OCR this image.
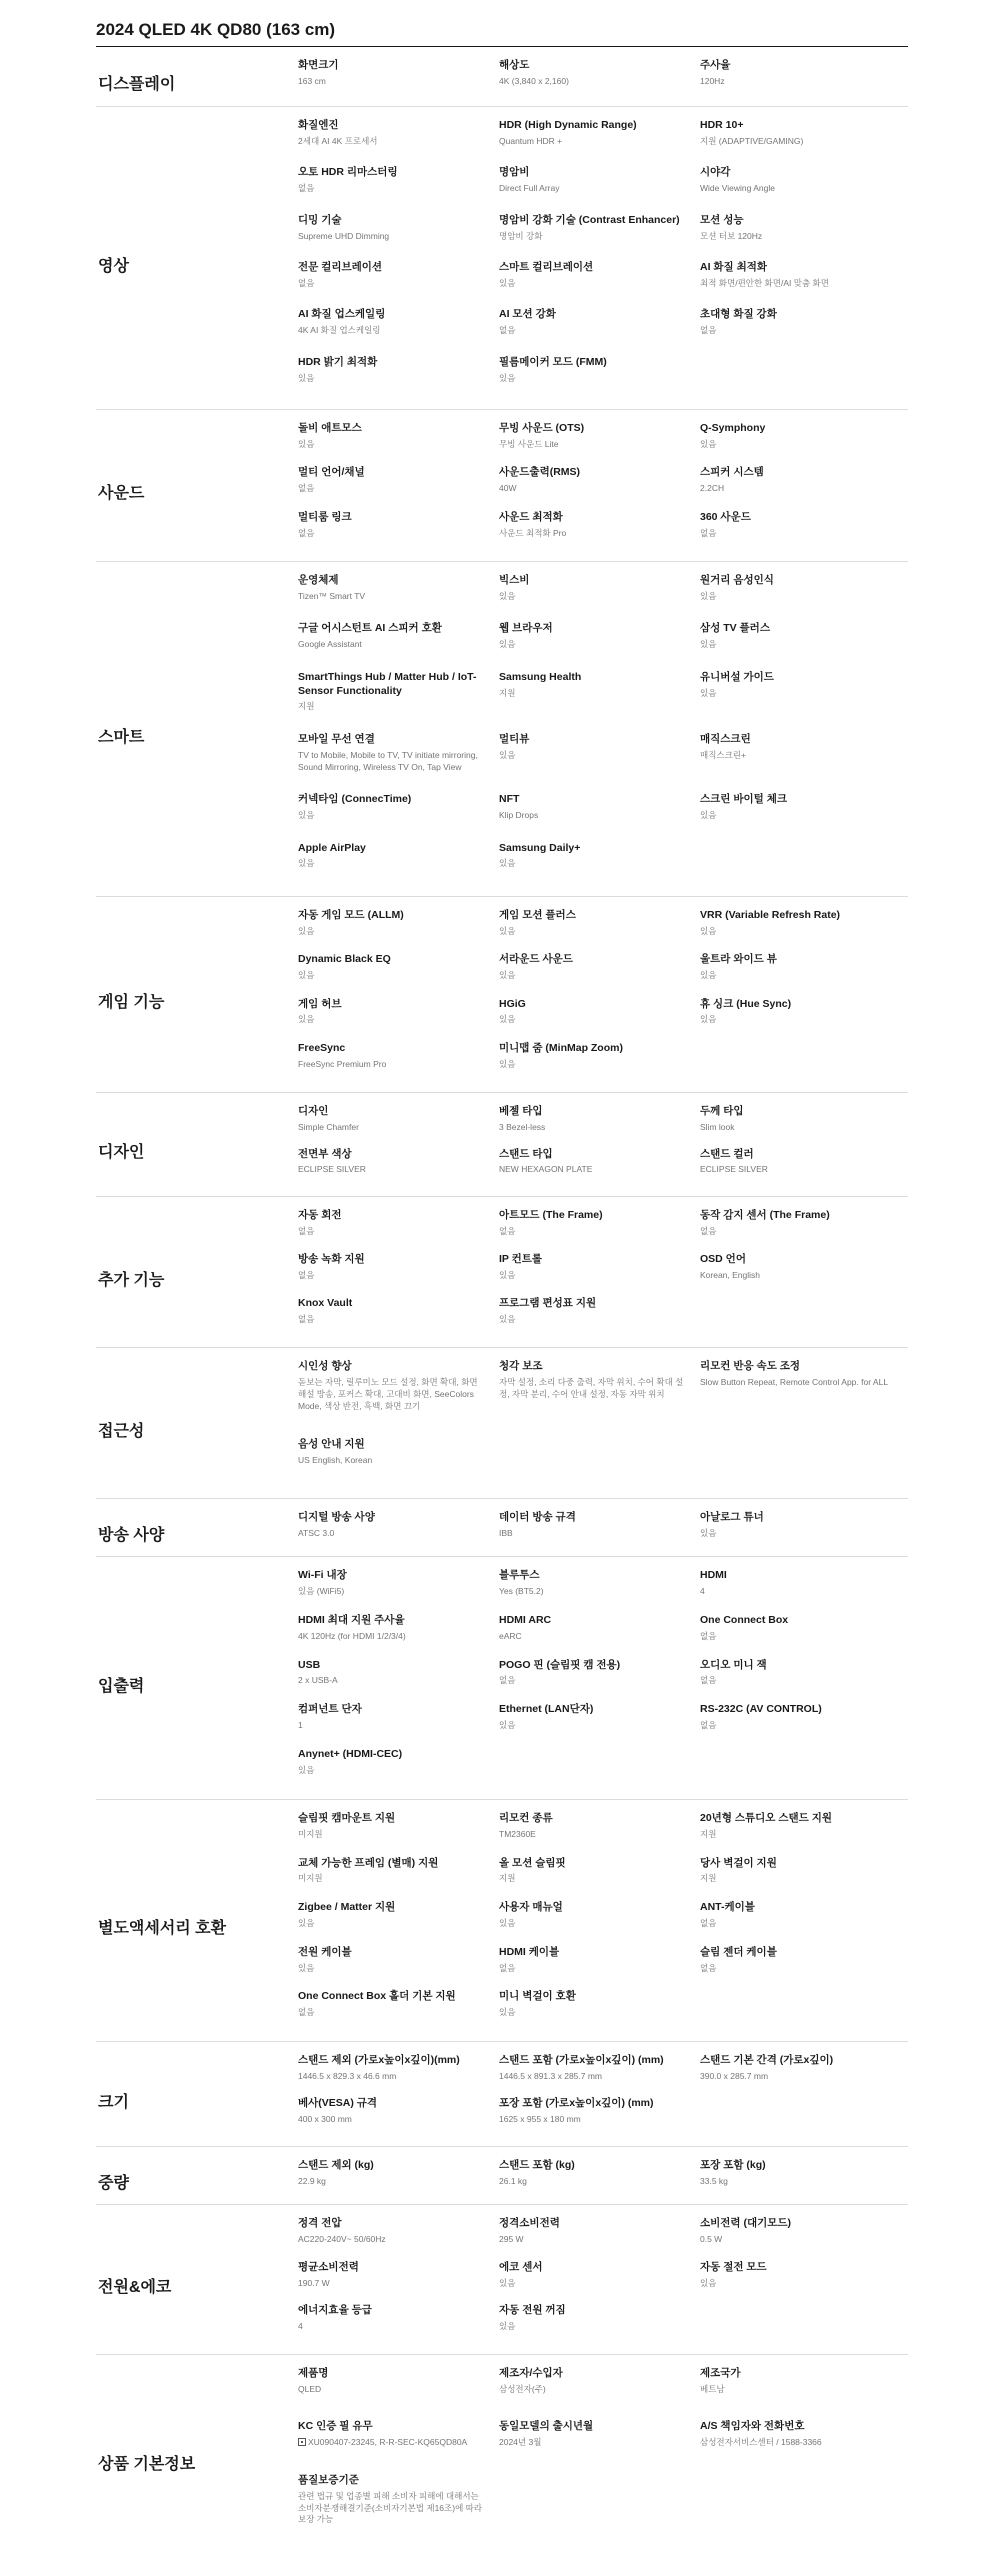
2024 QLED 4K QD80 (163 cm)
디스플레이
화면크기
163 cm
해상도
4K (3,840 x 2,160)
주사율
120Hz
영상
화질엔진
2세대 AI 4K 프로세서
HDR (High Dynamic Range)
Quantum HDR +
HDR 10+
지원 (ADAPTIVE/GAMING)
오토 HDR 리마스터링
없음
명암비
Direct Full Array
시야각
Wide Viewing Angle
디밍 기술
Supreme UHD Dimming
명암비 강화 기술 (Contrast Enhancer)
명암비 강화
모션 성능
모션 터보 120Hz
전문 컬리브레이션
없음
스마트 컬리브레이션
있음
AI 화질 최적화
최적 화면/편안한 화면/AI 맞춤 화면
AI 화질 업스케일링
4K AI 화질 업스케일링
AI 모션 강화
없음
초대형 화질 강화
없음
HDR 밝기 최적화
있음
필름메이커 모드 (FMM)
있음
사운드
돌비 애트모스
있음
무빙 사운드 (OTS)
무빙 사운드 Lite
Q-Symphony
있음
멀티 언어/채널
없음
사운드출력(RMS)
40W
스피커 시스템
2.2CH
멀티룸 링크
없음
사운드 최적화
사운드 최적화 Pro
360 사운드
없음
스마트
운영체제
Tizen™ Smart TV
빅스비
있음
원거리 음성인식
있음
구글 어시스턴트 AI 스피커 호환
Google Assistant
웹 브라우저
있음
삼성 TV 플러스
있음
SmartThings Hub / Matter Hub / IoT-Sensor Functionality
지원
Samsung Health
지원
유니버설 가이드
있음
모바일 무선 연결
TV to Mobile, Mobile to TV, TV initiate mirroring, Sound Mirroring, Wireless TV On, Tap View
멀티뷰
있음
매직스크린
매직스크린+
커넥타임 (ConnecTime)
있음
NFT
Klip Drops
스크린 바이털 체크
있음
Apple AirPlay
있음
Samsung Daily+
있음
게임 기능
자동 게임 모드 (ALLM)
있음
게임 모션 플러스
있음
VRR (Variable Refresh Rate)
있음
Dynamic Black EQ
있음
서라운드 사운드
있음
울트라 와이드 뷰
있음
게임 허브
있음
HGiG
있음
휴 싱크 (Hue Sync)
있음
FreeSync
FreeSync Premium Pro
미니맵 줌 (MinMap Zoom)
있음
디자인
디자인
Simple Chamfer
베젤 타입
3 Bezel-less
두께 타입
Slim look
전면부 색상
ECLIPSE SILVER
스탠드 타입
NEW HEXAGON PLATE
스탠드 컬러
ECLIPSE SILVER
추가 기능
자동 회전
없음
아트모드 (The Frame)
없음
동작 감지 센서 (The Frame)
없음
방송 녹화 지원
없음
IP 컨트롤
있음
OSD 언어
Korean, English
Knox Vault
없음
프로그램 편성표 지원
있음
접근성
시인성 향상
돋보는 자막, 릴루미노 모드 설정, 화면 확대, 화면해설 방송, 포커스 확대, 고대비 화면, SeeColors Mode, 색상 반전, 흑백, 화면 끄기
청각 보조
자막 설정, 소리 다중 출력, 자막 위치, 수어 확대 설정, 자막 분리, 수어 안내 설정, 자동 자막 위치
리모컨 반응 속도 조정
Slow Button Repeat, Remote Control App. for ALL
음성 안내 지원
US English, Korean
방송 사양
디지털 방송 사양
ATSC 3.0
데이터 방송 규격
IBB
아날로그 튜너
있음
입출력
Wi-Fi 내장
있음 (WiFi5)
블루투스
Yes (BT5.2)
HDMI
4
HDMI 최대 지원 주사율
4K 120Hz (for HDMI 1/2/3/4)
HDMI ARC
eARC
One Connect Box
없음
USB
2 x USB-A
POGO 핀 (슬림핏 캠 전용)
없음
오디오 미니 잭
없음
컴퍼넌트 단자
1
Ethernet (LAN단자)
있음
RS-232C (AV CONTROL)
없음
Anynet+ (HDMI-CEC)
있음
별도액세서리 호환
슬림핏 캠마운트 지원
미지원
리모컨 종류
TM2360E
20년형 스튜디오 스탠드 지원
지원
교체 가능한 프레임 (별매) 지원
미지원
올 모션 슬림핏
지원
당사 벽걸이 지원
지원
Zigbee / Matter 지원
있음
사용자 매뉴얼
있음
ANT-케이블
없음
전원 케이블
있음
HDMI 케이블
없음
슬림 젠더 케이블
없음
One Connect Box 홀더 기본 지원
없음
미니 벽걸이 호환
있음
크기
스탠드 제외 (가로x높이x깊이)(mm)
1446.5 x 829.3 x 46.6 mm
스탠드 포함 (가로x높이x깊이) (mm)
1446.5 x 891.3 x 285.7 mm
스탠드 기본 간격 (가로x깊이)
390.0 x 285.7 mm
베사(VESA) 규격
400 x 300 mm
포장 포함 (가로x높이x깊이) (mm)
1625 x 955 x 180 mm
중량
스탠드 제외 (kg)
22.9 kg
스탠드 포함 (kg)
26.1 kg
포장 포함 (kg)
33.5 kg
전원&에코
정격 전압
AC220-240V~ 50/60Hz
정격소비전력
295 W
소비전력 (대기모드)
0.5 W
평균소비전력
190.7 W
에코 센서
있음
자동 절전 모드
있음
에너지효율 등급
4
자동 전원 꺼짐
있음
상품 기본정보
제품명
QLED
제조자/수입자
삼성전자(주)
제조국가
베트남
KC 인증 필 유무
XU090407-23245, R-R-SEC-KQ65QD80A
동일모델의 출시년월
2024년 3월
A/S 책임자와 전화번호
삼성전자서비스센터 / 1588-3366
품질보증기준
관련 법규 및 업종별 피해 소비자 피해에 대해서는 소비자분쟁해결기준(소비자기본법 제16조)에 따라 보장 가능
